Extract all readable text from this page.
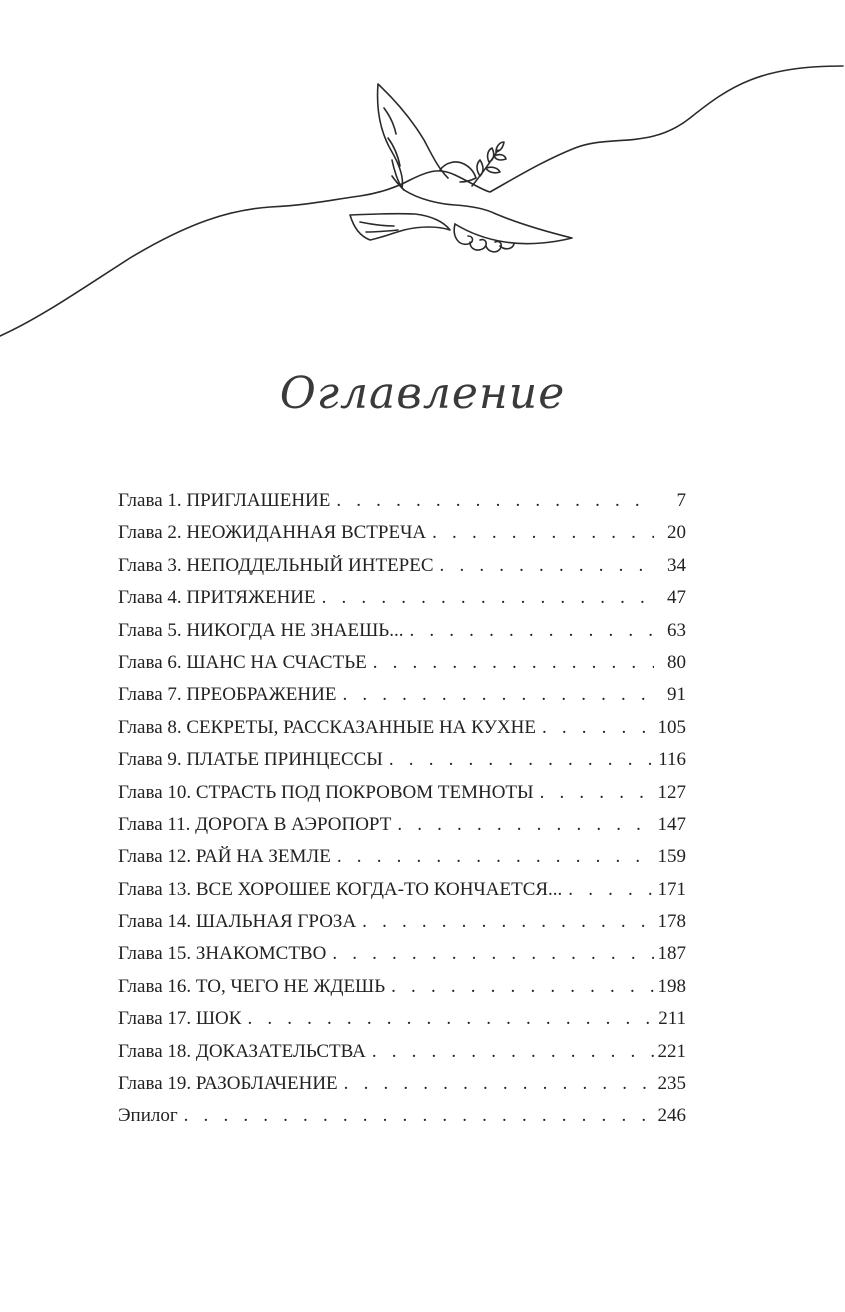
Оглавление
Глава 1. ПРИГЛАШЕНИЕ . . .	7
Глава 2. НЕОЖИДАННАЯ ВСТРЕЧА . . .	20
Глава 3. НЕПОДДЕЛЬНЫЙ ИНТЕРЕС . . .	34
Глава 4. ПРИТЯЖЕНИЕ . . .	47
Глава 5. НИКОГДА НЕ ЗНАЕШЬ... . . .	63
Глава 6. ШАНС НА СЧАСТЬЕ . . .	80
Глава 7. ПРЕОБРАЖЕНИЕ . . .	91
Глава 8. СЕКРЕТЫ, РАССКАЗАННЫЕ НА КУХНЕ . . .	105
Глава 9. ПЛАТЬЕ ПРИНЦЕССЫ . . .	116
Глава 10. СТРАСТЬ ПОД ПОКРОВОМ ТЕМНОТЫ . . .	127
Глава 11. ДОРОГА В АЭРОПОРТ . . .	147
Глава 12. РАЙ НА ЗЕМЛЕ . . .	159
Глава 13. ВСЕ ХОРОШЕЕ КОГДА-ТО КОНЧАЕТСЯ... . . .	171
Глава 14. ШАЛЬНАЯ ГРОЗА . . .	178
Глава 15. ЗНАКОМСТВО . . .	187
Глава 16. ТО, ЧЕГО НЕ ЖДЕШЬ . . .	198
Глава 17. ШОК . . .	211
Глава 18. ДОКАЗАТЕЛЬСТВА . . .	221
Глава 19. РАЗОБЛАЧЕНИЕ . . .	235
Эпилог . . .	246
